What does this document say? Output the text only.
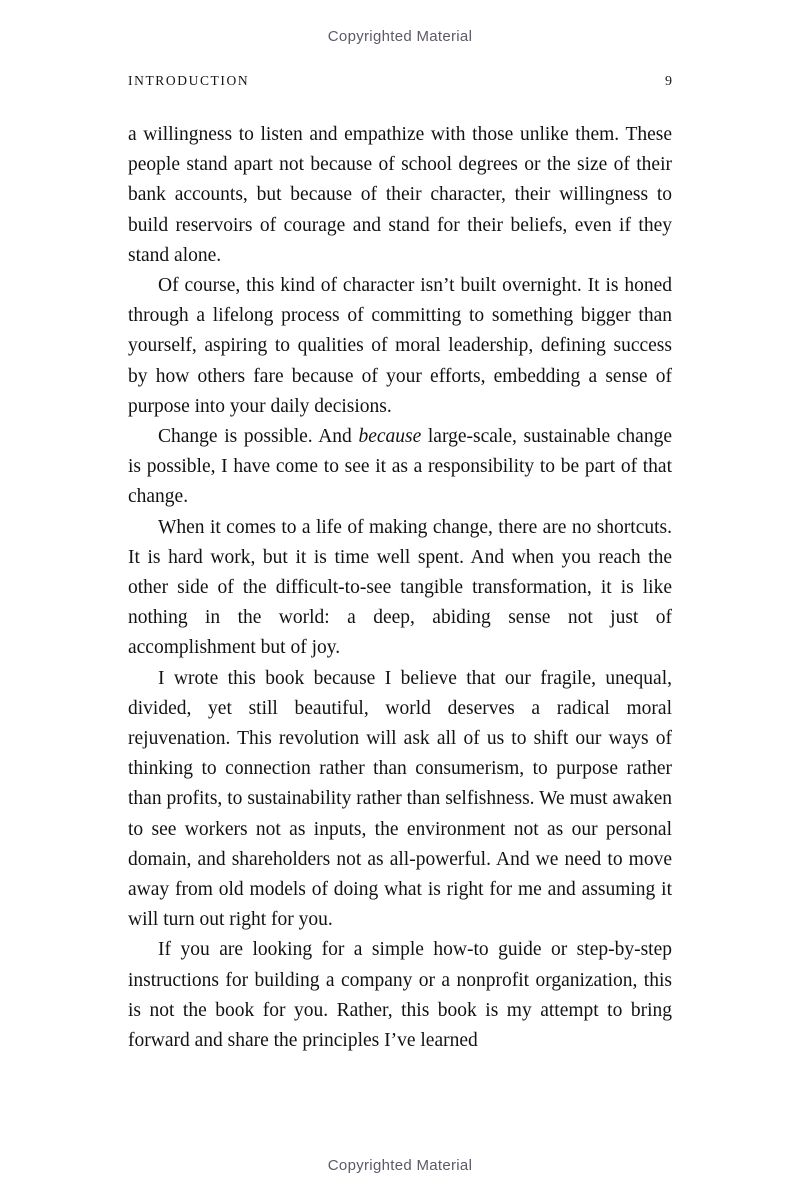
Copyrighted Material
INTRODUCTION	9

a willingness to listen and empathize with those unlike them. These people stand apart not because of school degrees or the size of their bank accounts, but because of their character, their willingness to build reservoirs of courage and stand for their beliefs, even if they stand alone.

Of course, this kind of character isn’t built overnight. It is honed through a lifelong process of committing to something bigger than yourself, aspiring to qualities of moral leadership, defining success by how others fare because of your efforts, embedding a sense of purpose into your daily decisions.

Change is possible. And because large-scale, sustainable change is possible, I have come to see it as a responsibility to be part of that change.

When it comes to a life of making change, there are no shortcuts. It is hard work, but it is time well spent. And when you reach the other side of the difficult-to-see tangible transformation, it is like nothing in the world: a deep, abiding sense not just of accomplishment but of joy.

I wrote this book because I believe that our fragile, unequal, divided, yet still beautiful, world deserves a radical moral rejuvenation. This revolution will ask all of us to shift our ways of thinking to connection rather than consumerism, to purpose rather than profits, to sustainability rather than selfishness. We must awaken to see workers not as inputs, the environment not as our personal domain, and shareholders not as all-powerful. And we need to move away from old models of doing what is right for me and assuming it will turn out right for you.

If you are looking for a simple how-to guide or step-by-step instructions for building a company or a nonprofit organization, this is not the book for you. Rather, this book is my attempt to bring forward and share the principles I’ve learned

Copyrighted Material
